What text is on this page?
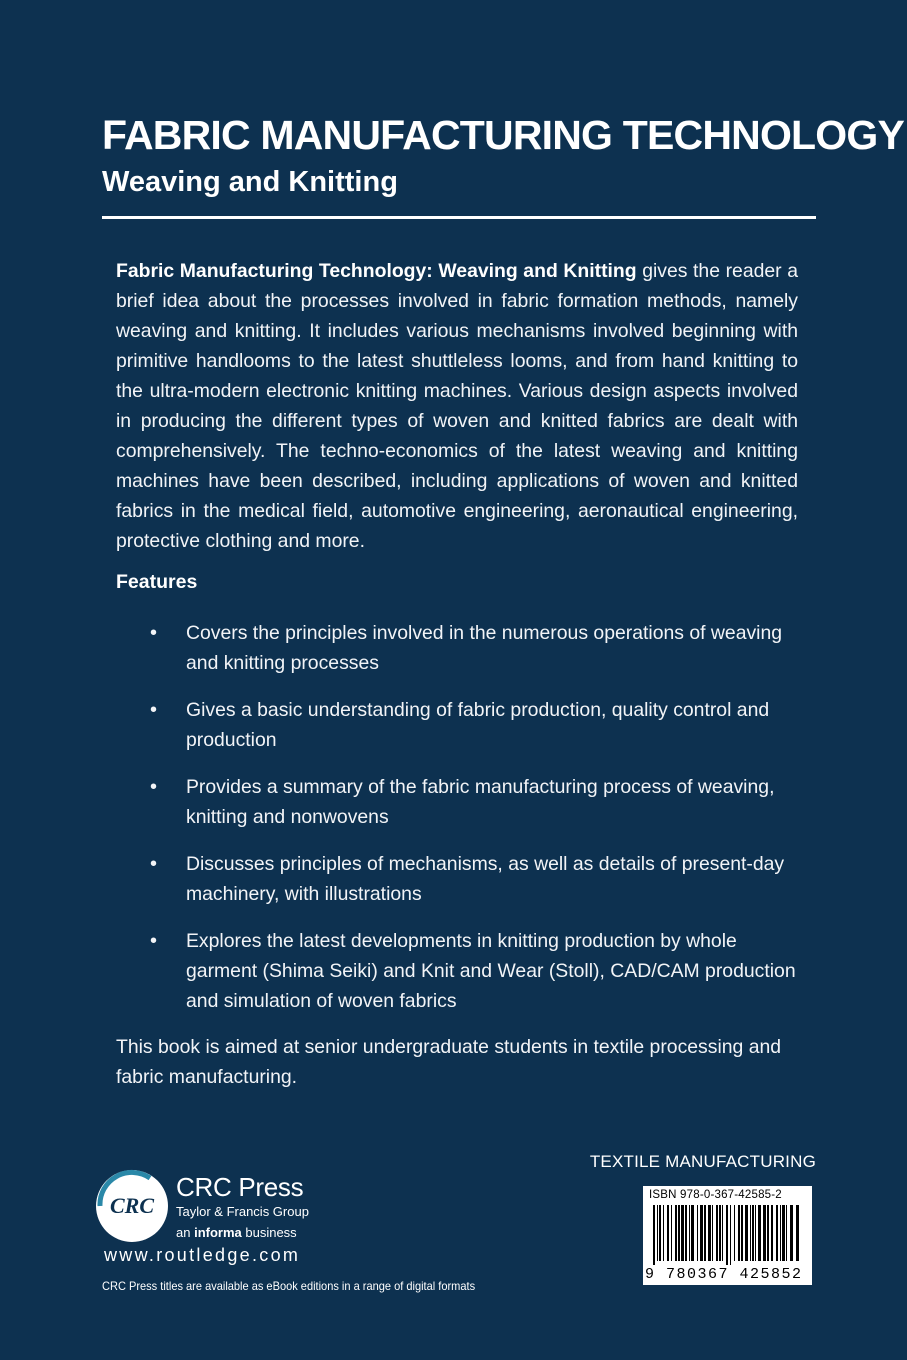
FABRIC MANUFACTURING TECHNOLOGY
Weaving and Knitting

Fabric Manufacturing Technology: Weaving and Knitting gives the reader a brief idea about the processes involved in fabric formation methods, namely weaving and knitting. It includes various mechanisms involved beginning with primitive handlooms to the latest shuttleless looms, and from hand knitting to the ultra-modern electronic knitting machines. Various design aspects involved in producing the different types of woven and knitted fabrics are dealt with comprehensively. The techno-economics of the latest weaving and knitting machines have been described, including applications of woven and knitted fabrics in the medical field, automotive engineering, aeronautical engineering, protective clothing and more.

Features
• Covers the principles involved in the numerous operations of weaving and knitting processes
• Gives a basic understanding of fabric production, quality control and production
• Provides a summary of the fabric manufacturing process of weaving, knitting and nonwovens
• Discusses principles of mechanisms, as well as details of present-day machinery, with illustrations
• Explores the latest developments in knitting production by whole garment (Shima Seiki) and Knit and Wear (Stoll), CAD/CAM production and simulation of woven fabrics

This book is aimed at senior undergraduate students in textile processing and fabric manufacturing.

TEXTILE MANUFACTURING

ISBN 978-0-367-42585-2
9 780367 425852
CRC

CRC Press

Taylor & Francis Group

an informa business

www.routledge.com

CRC Press titles are available as eBook editions in a range of digital formats
